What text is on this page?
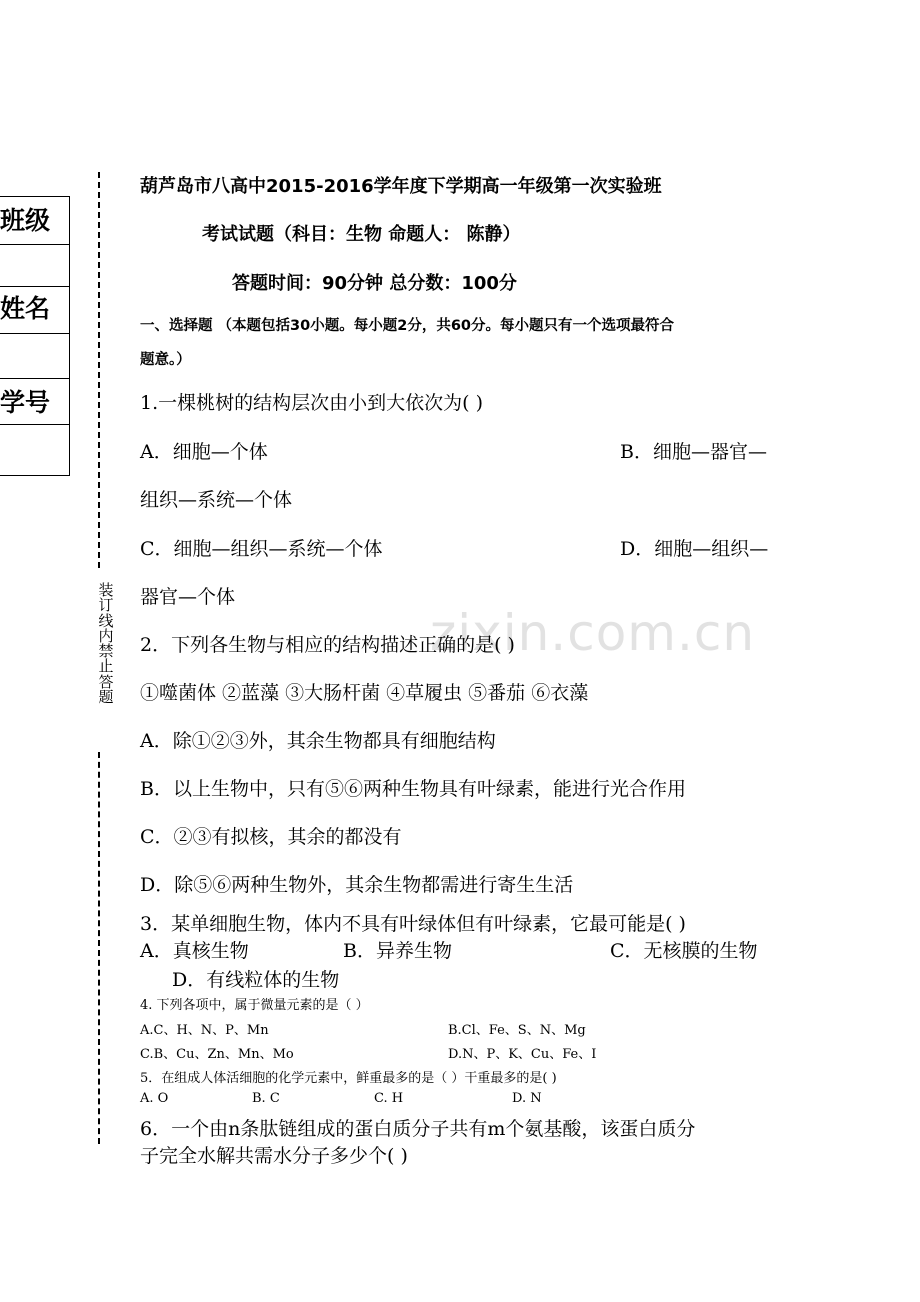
班级
姓名
学号
装订线内禁止答题
zixin.com.cn
葫芦岛市八高中2015-2016学年度下学期高一年级第一次实验班
考试试题（科目：生物 命题人： 陈静）
答题时间：90分钟 总分数：100分
一、选择题 （本题包括30小题。每小题2分，共60分。每小题只有一个选项最符合
题意。）
1.一棵桃树的结构层次由小到大依次为( )
A．细胞—个体	B．细胞—器官—
组织—系统—个体
C．细胞—组织—系统—个体	D．细胞—组织—
器官—个体
2．下列各生物与相应的结构描述正确的是( )
①噬菌体 ②蓝藻 ③大肠杆菌 ④草履虫 ⑤番茄 ⑥衣藻
A．除①②③外，其余生物都具有细胞结构
B．以上生物中，只有⑤⑥两种生物具有叶绿素，能进行光合作用
C．②③有拟核，其余的都没有
D．除⑤⑥两种生物外，其余生物都需进行寄生生活
3．某单细胞生物，体内不具有叶绿体但有叶绿素，它最可能是( )
A．真核生物	B．异养生物	C．无核膜的生物
D．有线粒体的生物
4. 下列各项中，属于微量元素的是（ ）
A.C、H、N、P、Mn	B.Cl、Fe、S、N、Mg
C.B、Cu、Zn、Mn、Mo	D.N、P、K、Cu、Fe、I
5．在组成人体活细胞的化学元素中，鲜重最多的是（ ）干重最多的是( )
A. O	B. C	C. H	D. N
6．一个由n条肽链组成的蛋白质分子共有m个氨基酸，该蛋白质分
子完全水解共需水分子多少个( )
